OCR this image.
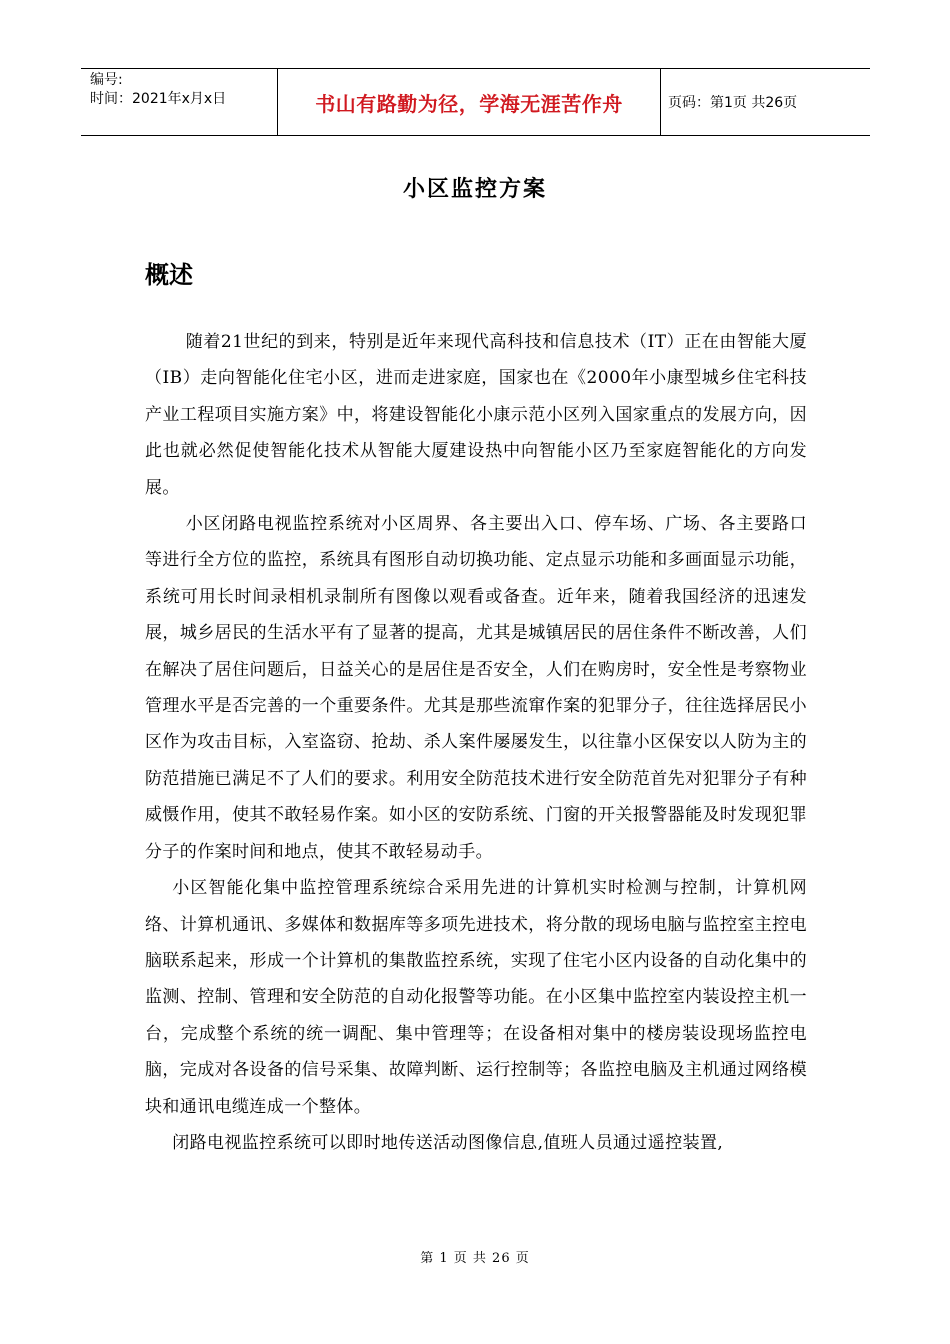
编号:
时间：2021年x月x日	书山有路勤为径，学海无涯苦作舟	页码：第1页 共26页
小区监控方案
概述

随着21世纪的到来，特别是近年来现代高科技和信息技术（IT）正在由智能大厦（IB）走向智能化住宅小区，进而走进家庭，国家也在《2000年小康型城乡住宅科技产业工程项目实施方案》中，将建设智能化小康示范小区列入国家重点的发展方向，因此也就必然促使智能化技术从智能大厦建设热中向智能小区乃至家庭智能化的方向发展。

小区闭路电视监控系统对小区周界、各主要出入口、停车场、广场、各主要路口等进行全方位的监控，系统具有图形自动切换功能、定点显示功能和多画面显示功能，系统可用长时间录相机录制所有图像以观看或备查。近年来，随着我国经济的迅速发展，城乡居民的生活水平有了显著的提高，尤其是城镇居民的居住条件不断改善，人们在解决了居住问题后，日益关心的是居住是否安全，人们在购房时，安全性是考察物业管理水平是否完善的一个重要条件。尤其是那些流窜作案的犯罪分子，往往选择居民小区作为攻击目标，入室盗窃、抢劫、杀人案件屡屡发生，以往靠小区保安以人防为主的防范措施已满足不了人们的要求。利用安全防范技术进行安全防范首先对犯罪分子有种威慑作用，使其不敢轻易作案。如小区的安防系统、门窗的开关报警器能及时发现犯罪分子的作案时间和地点，使其不敢轻易动手。

小区智能化集中监控管理系统综合采用先进的计算机实时检测与控制，计算机网络、计算机通讯、多媒体和数据库等多项先进技术，将分散的现场电脑与监控室主控电脑联系起来，形成一个计算机的集散监控系统，实现了住宅小区内设备的自动化集中的监测、控制、管理和安全防范的自动化报警等功能。在小区集中监控室内装设控主机一台，完成整个系统的统一调配、集中管理等；在设备相对集中的楼房装设现场监控电脑，完成对各设备的信号采集、故障判断、运行控制等；各监控电脑及主机通过网络模块和通讯电缆连成一个整体。

闭路电视监控系统可以即时地传送活动图像信息,值班人员通过遥控装置,

第 1 页 共 26 页
